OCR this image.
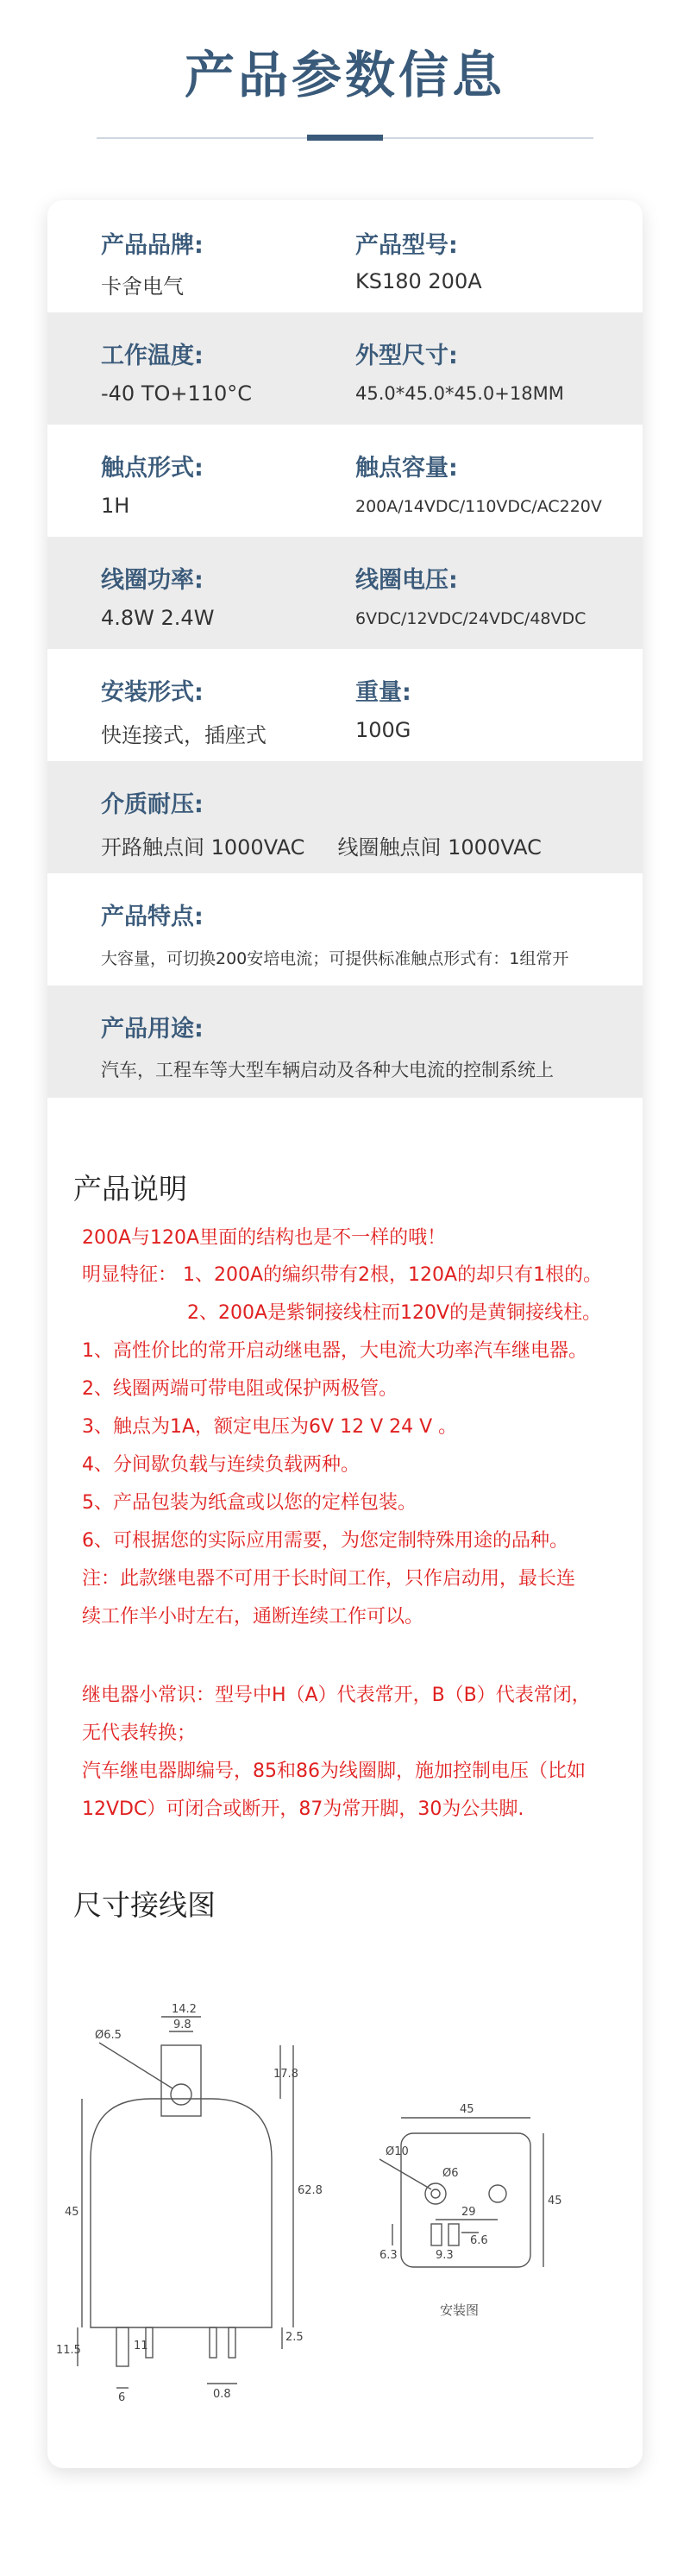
产品参数信息
产品品牌:
卡舍电气
产品型号:
KS180 200A
工作温度:
-40 TO+110°C
外型尺寸:
45.0*45.0*45.0+18MM
触点形式:
1H
触点容量:
200A/14VDC/110VDC/AC220V
线圈功率:
4.8W 2.4W
线圈电压:
6VDC/12VDC/24VDC/48VDC
安装形式:
快连接式，插座式
重量:
100G
介质耐压:
开路触点间 1000VAC     线圈触点间 1000VAC
产品特点:
大容量，可切换200安培电流；可提供标准触点形式有：1组常开
产品用途:
汽车，工程车等大型车辆启动及各种大电流的控制系统上
产品说明
200A与120A里面的结构也是不一样的哦！
明显特征： 1、200A的编织带有2根，120A的却只有1根的。
2、200A是紫铜接线柱而120V的是黄铜接线柱。
1、高性价比的常开启动继电器，大电流大功率汽车继电器。
2、线圈两端可带电阻或保护两极管。
3、触点为1A，额定电压为6V 12 V 24 V 。
4、分间歇负载与连续负载两种。
5、产品包装为纸盒或以您的定样包装。
6、可根据您的实际应用需要，为您定制特殊用途的品种。
注：此款继电器不可用于长时间工作，只作启动用，最长连
续工作半小时左右，通断连续工作可以。
继电器小常识：型号中H（A）代表常开，B（B）代表常闭，
无代表转换；
汽车继电器脚编号，85和86为线圈脚，施加控制电压（比如
12VDC）可闭合或断开，87为常开脚，30为公共脚.
尺寸接线图
14.2
9.8
Ø6.5
17.8
62.8
45
11
11.5
2.5
6	0.8
45
Ø10
Ø6
29
9.3
6.6
6.3
45
安装图
